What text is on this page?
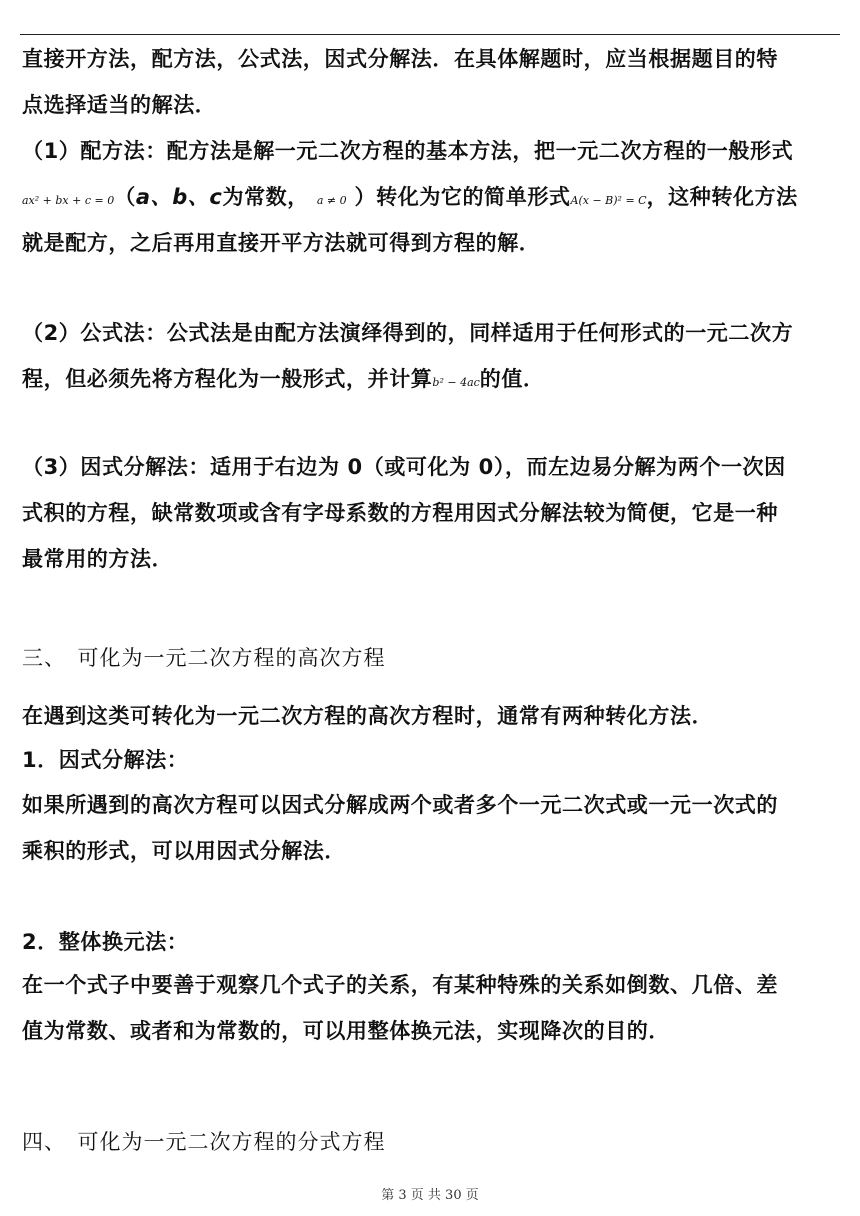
直接开方法，配方法，公式法，因式分解法．在具体解题时，应当根据题目的特
点选择适当的解法．
（1）配方法：配方法是解一元二次方程的基本方法，把一元二次方程的一般形式
ax² + bx + c = 0（a、b、c为常数， a ≠ 0 ）转化为它的简单形式A(x − B)² = C，这种转化方法
就是配方，之后再用直接开平方法就可得到方程的解．
（2）公式法：公式法是由配方法演绎得到的，同样适用于任何形式的一元二次方
程，但必须先将方程化为一般形式，并计算b² − 4ac的值．
（3）因式分解法：适用于右边为 0（或可化为 0），而左边易分解为两个一次因
式积的方程，缺常数项或含有字母系数的方程用因式分解法较为简便，它是一种
最常用的方法．
三、　可化为一元二次方程的高次方程
在遇到这类可转化为一元二次方程的高次方程时，通常有两种转化方法．
1．因式分解法：
如果所遇到的高次方程可以因式分解成两个或者多个一元二次式或一元一次式的
乘积的形式，可以用因式分解法．
2．整体换元法：
在一个式子中要善于观察几个式子的关系，有某种特殊的关系如倒数、几倍、差
值为常数、或者和为常数的，可以用整体换元法，实现降次的目的．
四、　可化为一元二次方程的分式方程
第 3 页 共 30 页
